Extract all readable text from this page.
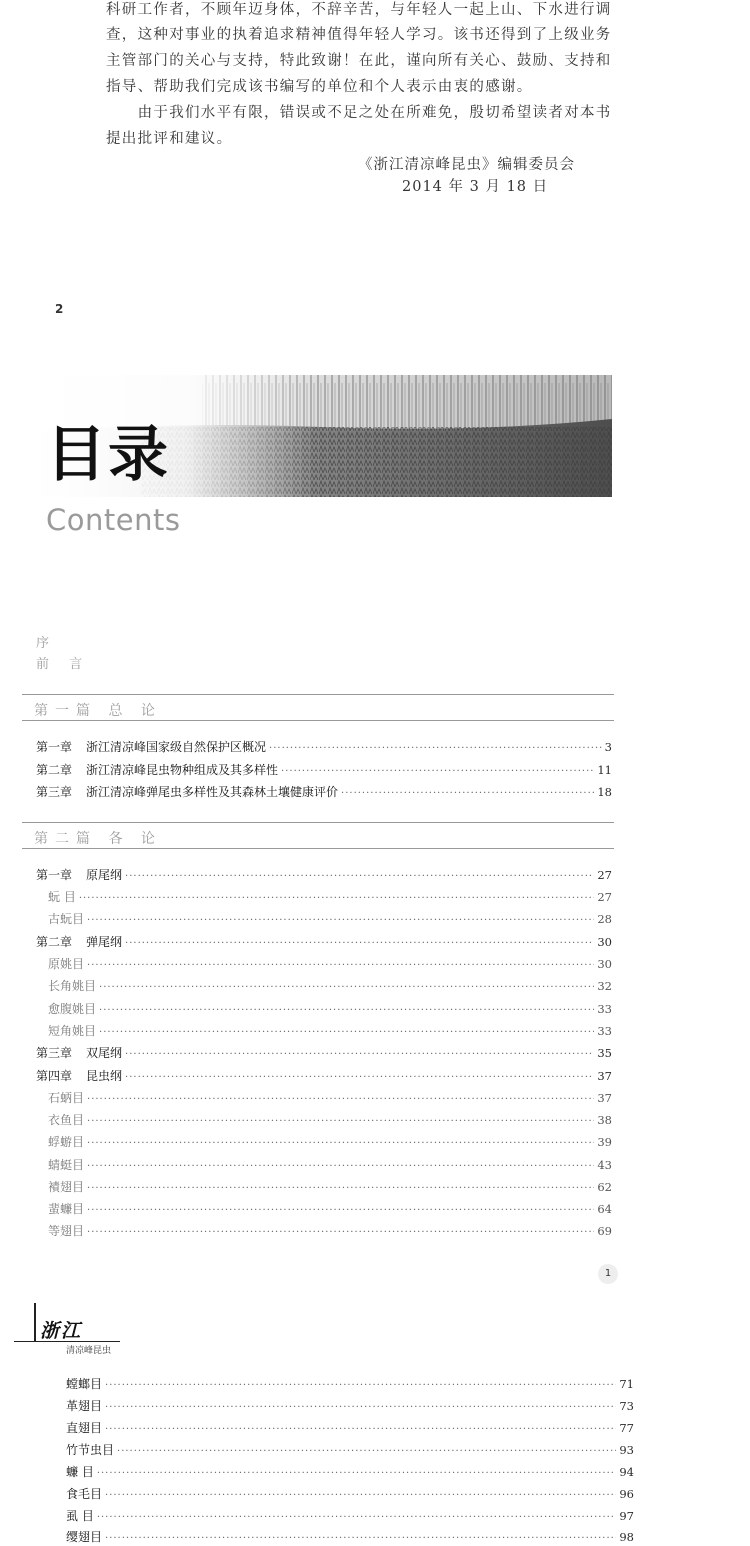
科研工作者，不顾年迈身体，不辞辛苦，与年轻人一起上山、下水进行调
查，这种对事业的执着追求精神值得年轻人学习。该书还得到了上级业务
主管部门的关心与支持，特此致谢！在此，谨向所有关心、鼓励、支持和
指导、帮助我们完成该书编写的单位和个人表示由衷的感谢。
　　由于我们水平有限，错误或不足之处在所难免，殷切希望读者对本书
提出批评和建议。
《浙江清凉峰昆虫》编辑委员会
2014 年 3 月 18 日
2
目录
Contents
序
前 言
第一篇 总 论
第一章 浙江清凉峰国家级自然保护区概况 ·····	3
第二章 浙江清凉峰昆虫物种组成及其多样性 ·····	11
第三章 浙江清凉峰弹尾虫多样性及其森林土壤健康评价 ·····	18
第二篇 各 论
第一章 原尾纲 ·····	27
蚖 目 ·····	27
古蚖目 ·····	28
第二章 弹尾纲 ·····	30
原姚目 ·····	30
长角姚目 ·····	32
愈腹姚目 ·····	33
短角姚目 ·····	33
第三章 双尾纲 ·····	35
第四章 昆虫纲 ·····	37
石蛃目 ·····	37
衣鱼目 ·····	38
蜉蝣目 ·····	39
蜻蜓目 ·····	43
襀翅目 ·····	62
蜚蠊目 ·····	64
等翅目 ·····	69
1
浙江
清凉峰昆虫
螳螂目 ·····	71
革翅目 ·····	73
直翅目 ·····	77
竹节虫目 ·····	93
蠊 目 ·····	94
食毛目 ·····	96
虱 目 ·····	97
缨翅目 ·····	98
